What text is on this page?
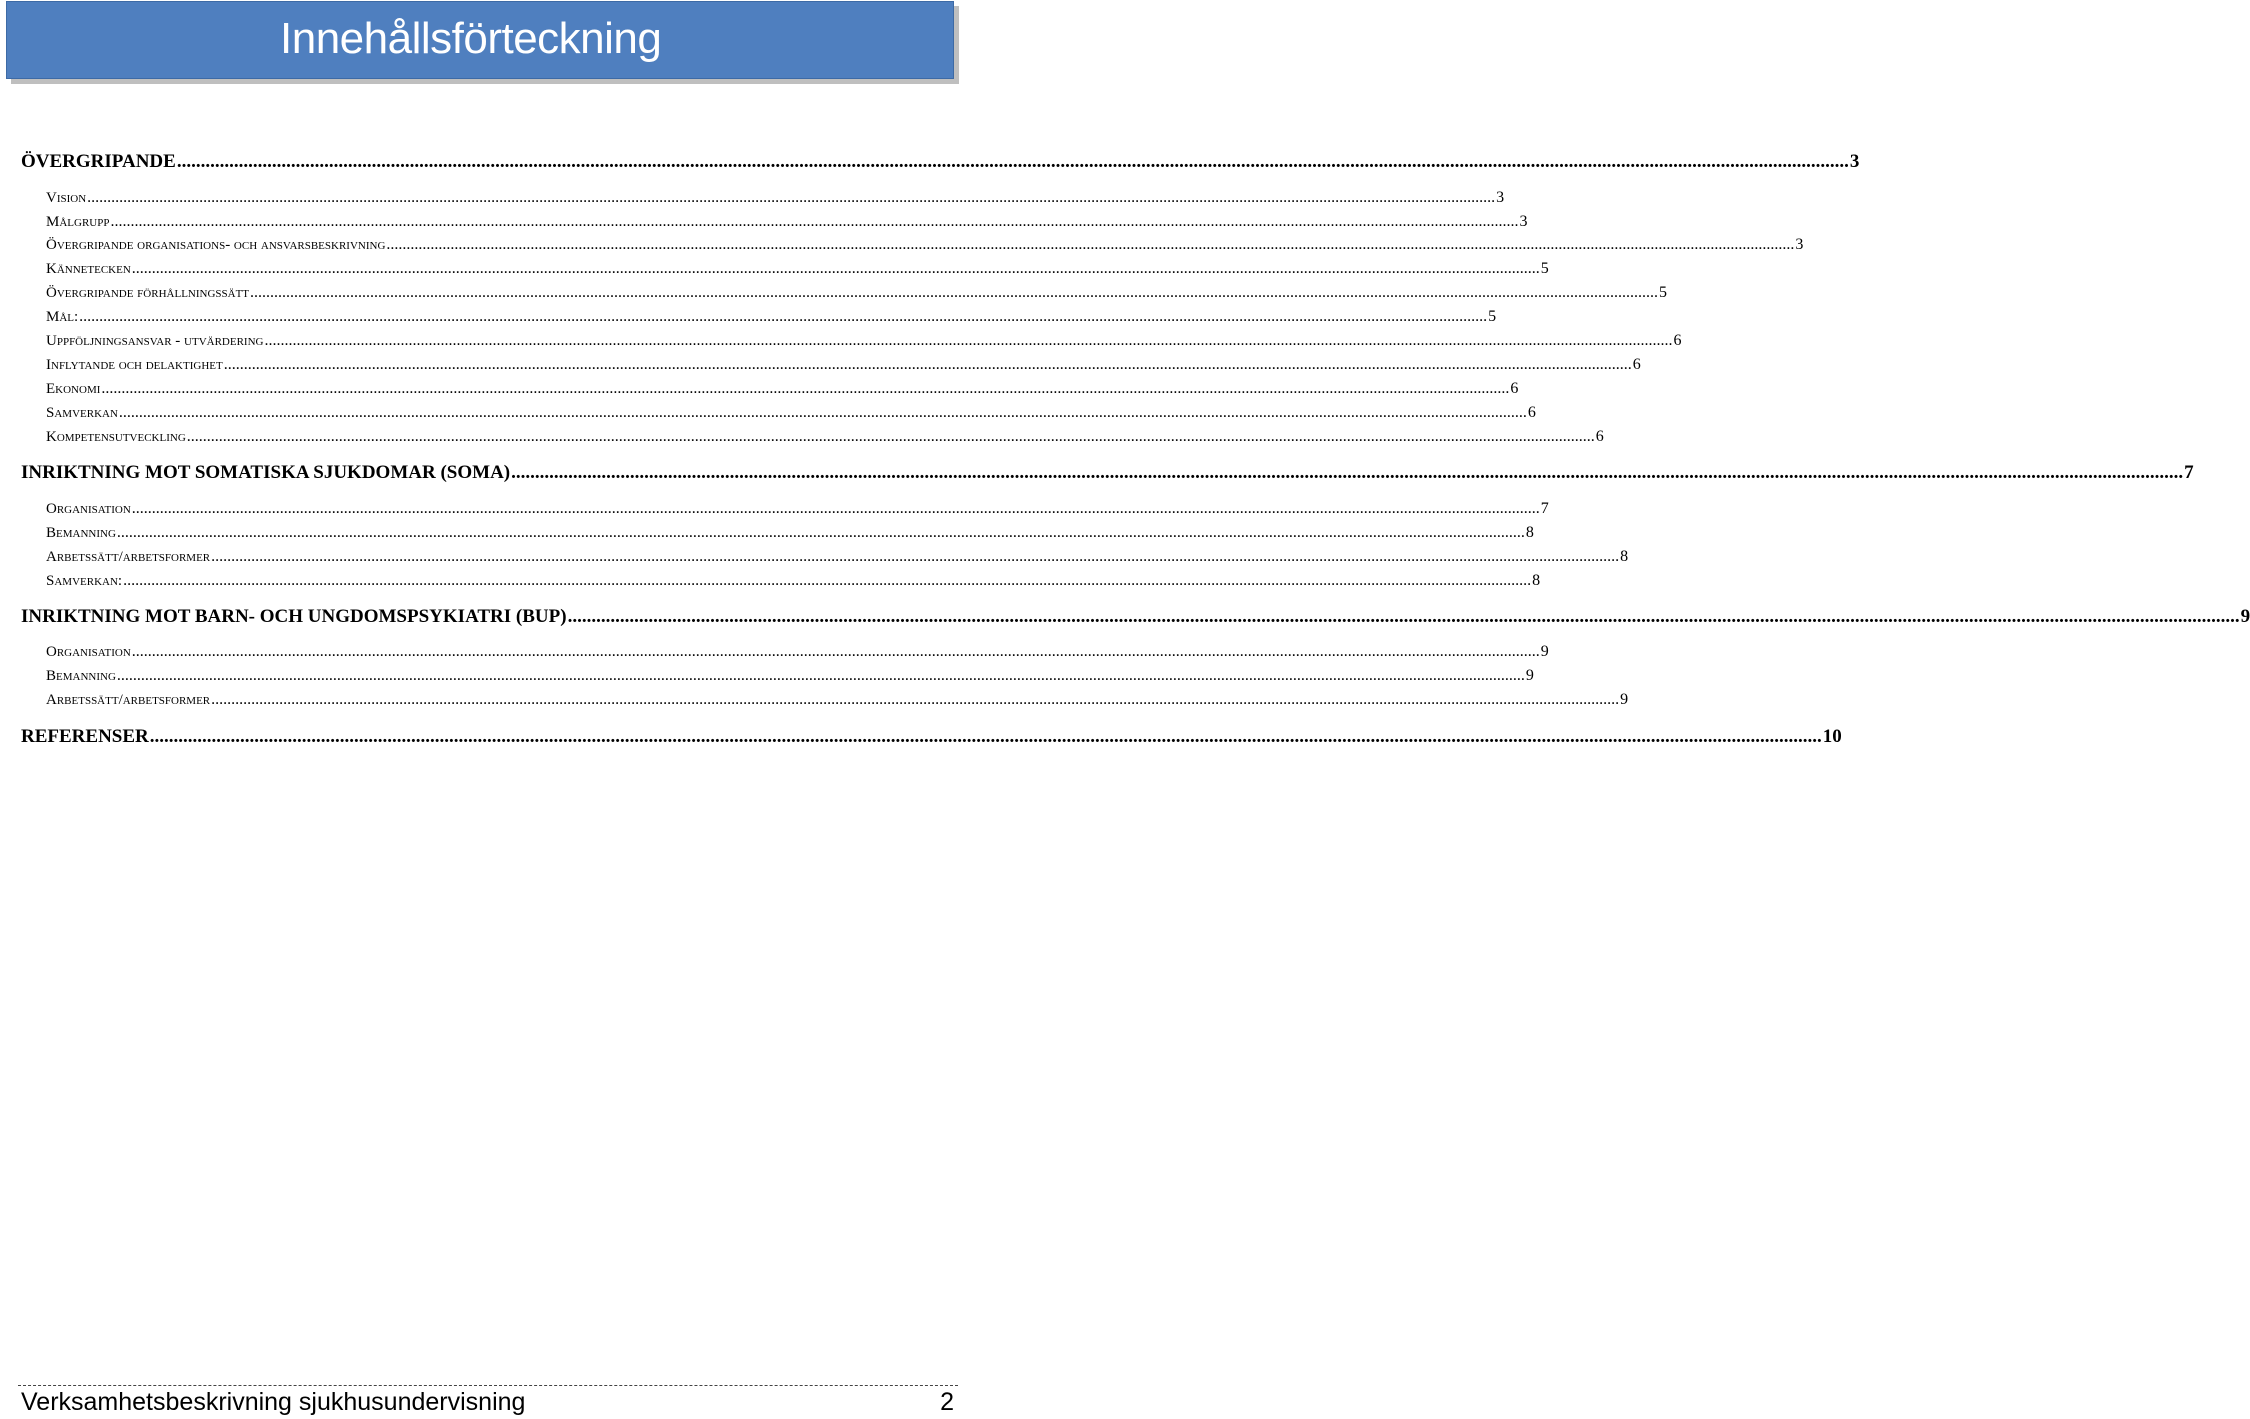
Innehållsförteckning
ÖVERGRIPANDE .....	3
Vision .....	3
Målgrupp .....	3
Övergripande organisations- och ansvarsbeskrivning .....	3
Kännetecken .....	5
Övergripande förhållningssätt .....	5
Mål: .....	5
Uppföljningsansvar - utvärdering .....	6
Inflytande och delaktighet .....	6
Ekonomi .....	6
Samverkan .....	6
Kompetensutveckling .....	6
INRIKTNING MOT SOMATISKA SJUKDOMAR (SOMA) .....	7
Organisation .....	7
Bemanning .....	8
Arbetssätt/arbetsformer .....	8
Samverkan: .....	8
INRIKTNING MOT BARN- OCH UNGDOMSPSYKIATRI (BUP) .....	9
Organisation .....	9
Bemanning .....	9
Arbetssätt/arbetsformer .....	9
REFERENSER .....	10
Verksamhetsbeskrivning sjukhusundervisning	2
